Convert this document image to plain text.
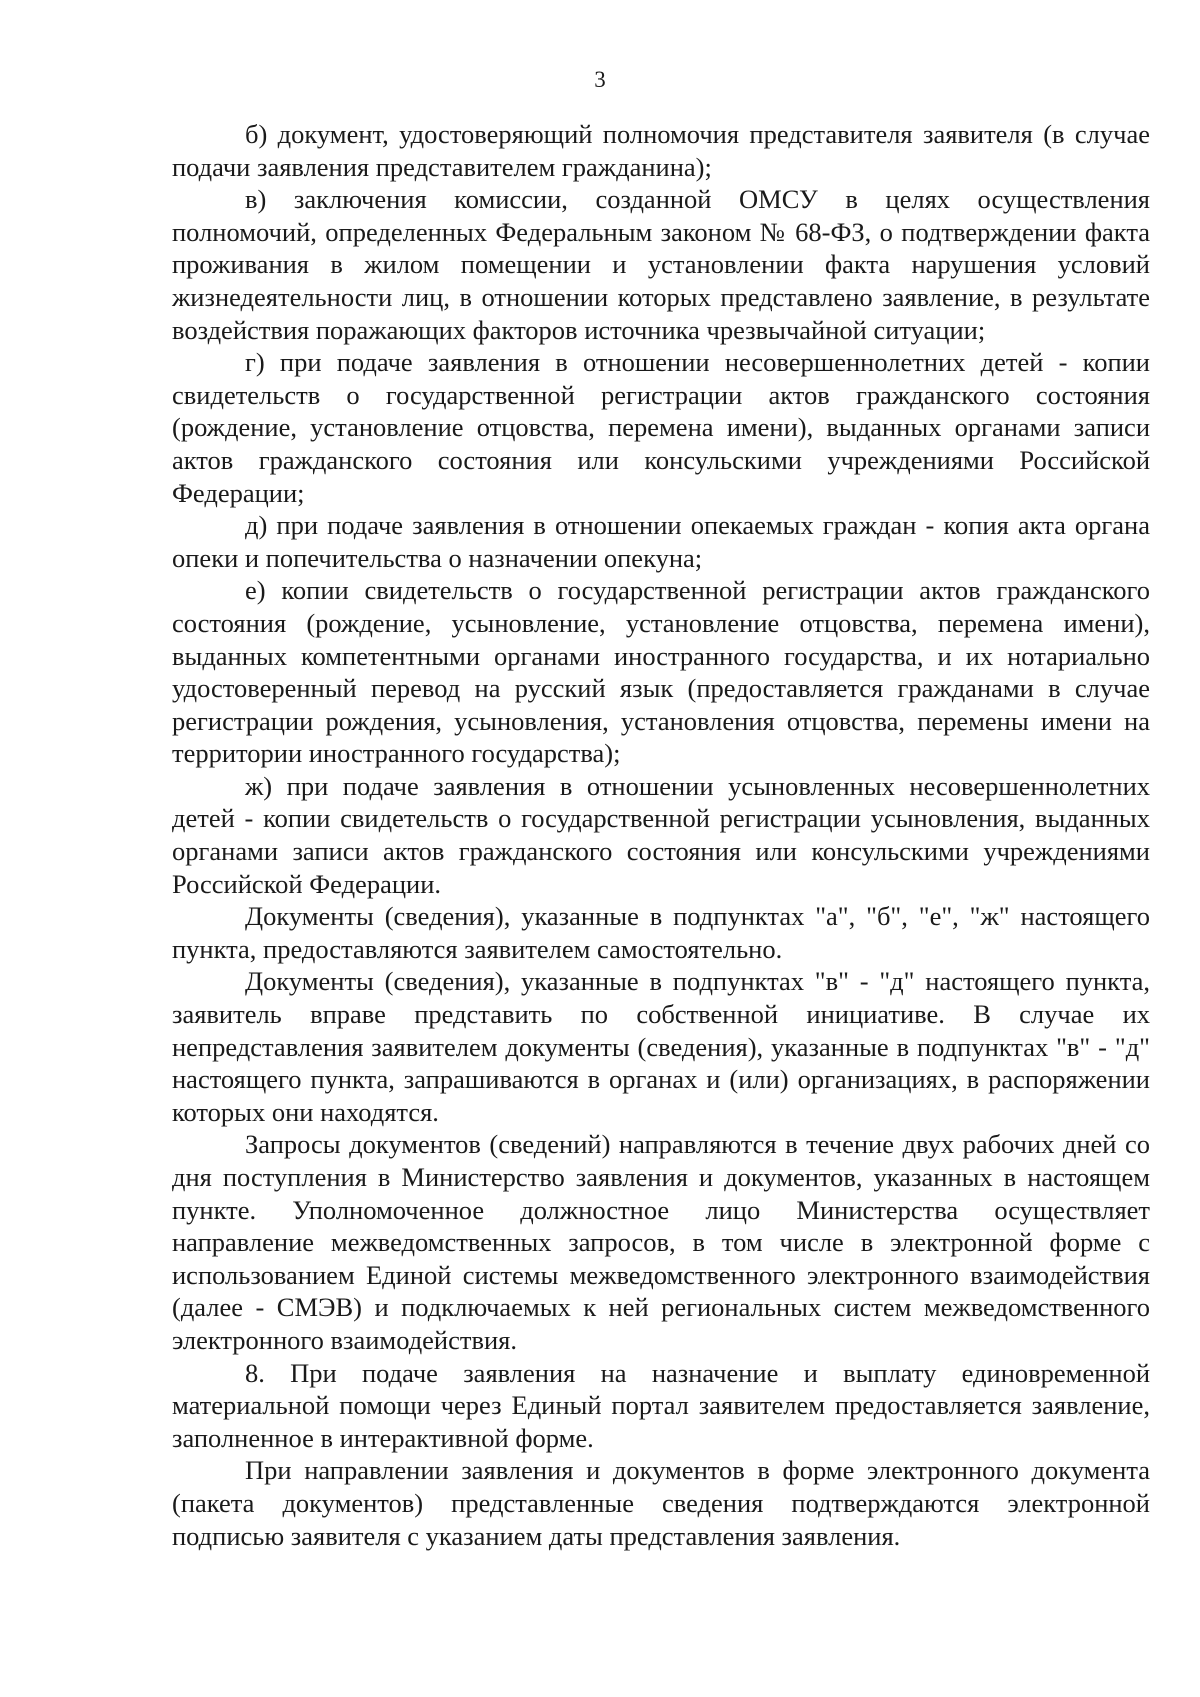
3

б) документ, удостоверяющий полномочия представителя заявителя (в случае подачи заявления представителем гражданина);

в) заключения комиссии, созданной ОМСУ в целях осуществления полномочий, определенных Федеральным законом № 68-ФЗ, о подтверждении факта проживания в жилом помещении и установлении факта нарушения условий жизнедеятельности лиц, в отношении которых представлено заявление, в результате воздействия поражающих факторов источника чрезвычайной ситуации;

г) при подаче заявления в отношении несовершеннолетних детей - копии свидетельств о государственной регистрации актов гражданского состояния (рождение, установление отцовства, перемена имени), выданных органами записи актов гражданского состояния или консульскими учреждениями Российской Федерации;

д) при подаче заявления в отношении опекаемых граждан - копия акта органа опеки и попечительства о назначении опекуна;

е) копии свидетельств о государственной регистрации актов гражданского состояния (рождение, усыновление, установление отцовства, перемена имени), выданных компетентными органами иностранного государства, и их нотариально удостоверенный перевод на русский язык (предоставляется гражданами в случае регистрации рождения, усыновления, установления отцовства, перемены имени на территории иностранного государства);

ж) при подаче заявления в отношении усыновленных несовершеннолетних детей - копии свидетельств о государственной регистрации усыновления, выданных органами записи актов гражданского состояния или консульскими учреждениями Российской Федерации.

Документы (сведения), указанные в подпунктах "а", "б", "е", "ж" настоящего пункта, предоставляются заявителем самостоятельно.

Документы (сведения), указанные в подпунктах "в" - "д" настоящего пункта, заявитель вправе представить по собственной инициативе. В случае их непредставления заявителем документы (сведения), указанные в подпунктах "в" - "д" настоящего пункта, запрашиваются в органах и (или) организациях, в распоряжении которых они находятся.

Запросы документов (сведений) направляются в течение двух рабочих дней со дня поступления в Министерство заявления и документов, указанных в настоящем пункте. Уполномоченное должностное лицо Министерства осуществляет направление межведомственных запросов, в том числе в электронной форме с использованием Единой системы межведомственного электронного взаимодействия (далее - СМЭВ) и подключаемых к ней региональных систем межведомственного электронного взаимодействия.

8. При подаче заявления на назначение и выплату единовременной материальной помощи через Единый портал заявителем предоставляется заявление, заполненное в интерактивной форме.

При направлении заявления и документов в форме электронного документа (пакета документов) представленные сведения подтверждаются электронной подписью заявителя с указанием даты представления заявления.
